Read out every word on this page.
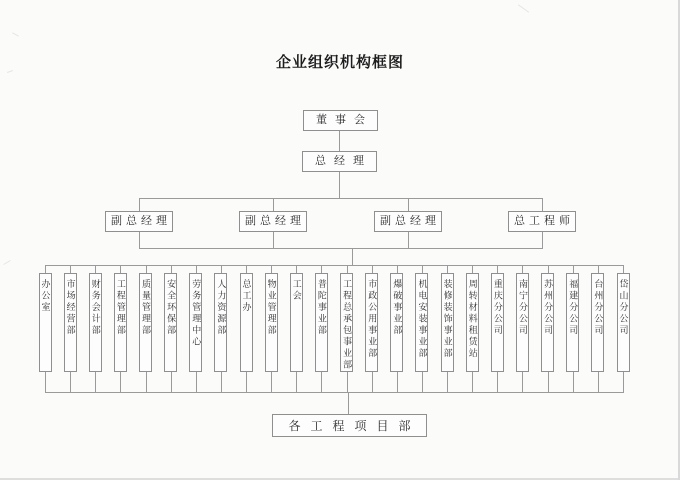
企业组织机构框图
董事会
总经理
副总经理	副总经理	副总经理	总工程师
办公室 市场经营部 财务会计部 工程管理部 质量管理部 安全环保部 劳务管理中心 人力资源部 总工办 物业管理部 工会 普陀事业部 工程总承包事业部 市政公用事业部 爆破事业部 机电安装事业部 装修装饰事业部 周转材料租赁站 重庆分公司 南宁分公司 苏州分公司 福建分公司 台州分公司 岱山分公司
各工程项目部
